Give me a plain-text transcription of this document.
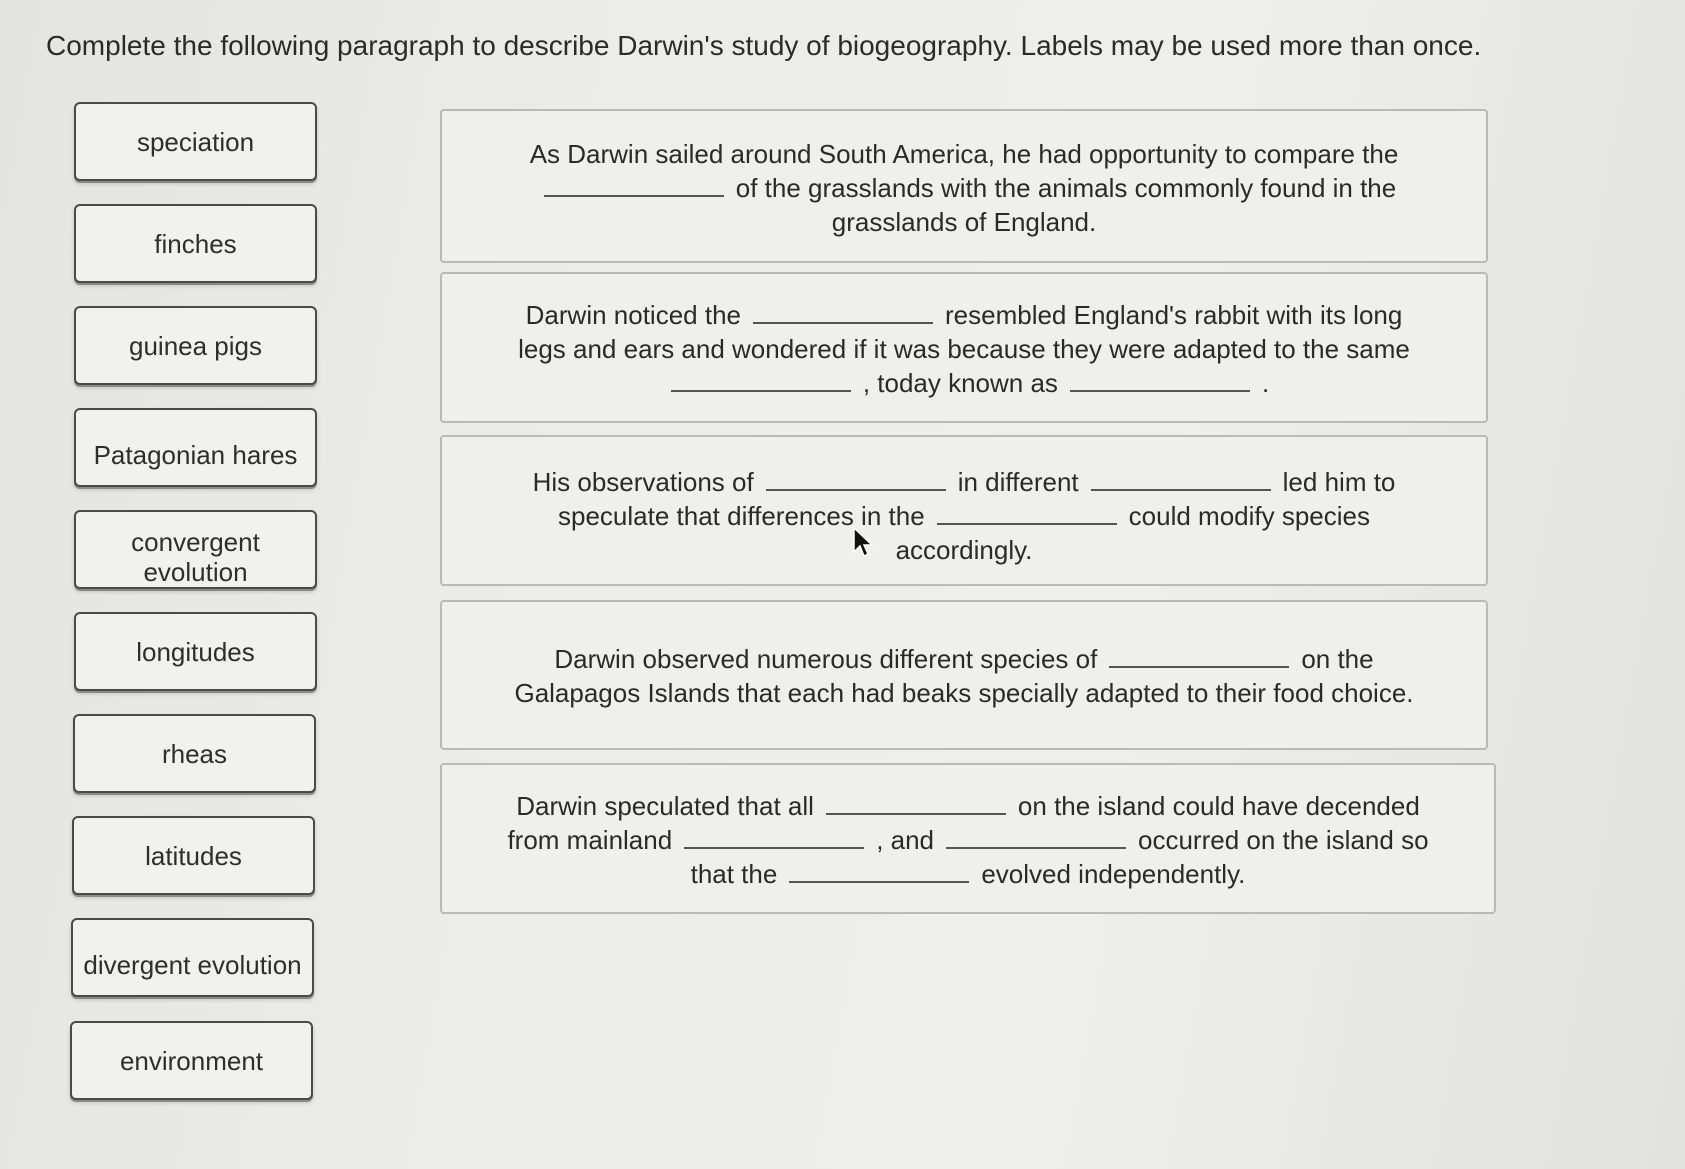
Complete the following paragraph to describe Darwin's study of biogeography. Labels may be used more than once.
speciation
finches
guinea pigs
Patagonian hares
convergent evolution
longitudes
rheas
latitudes
divergent evolution
environment
As Darwin sailed around South America, he had opportunity to compare the
of the grasslands with the animals commonly found in the
grasslands of England.
Darwin noticed the	resembled England's rabbit with its long
legs and ears and wondered if it was because they were adapted to the same
, today known as	.
His observations of	in different	led him to
speculate that differences in the	could modify species
accordingly.
Darwin observed numerous different species of	on the
Galapagos Islands that each had beaks specially adapted to their food choice.
Darwin speculated that all	on the island could have decended
from mainland	, and	occurred on the island so
that the	evolved independently.
